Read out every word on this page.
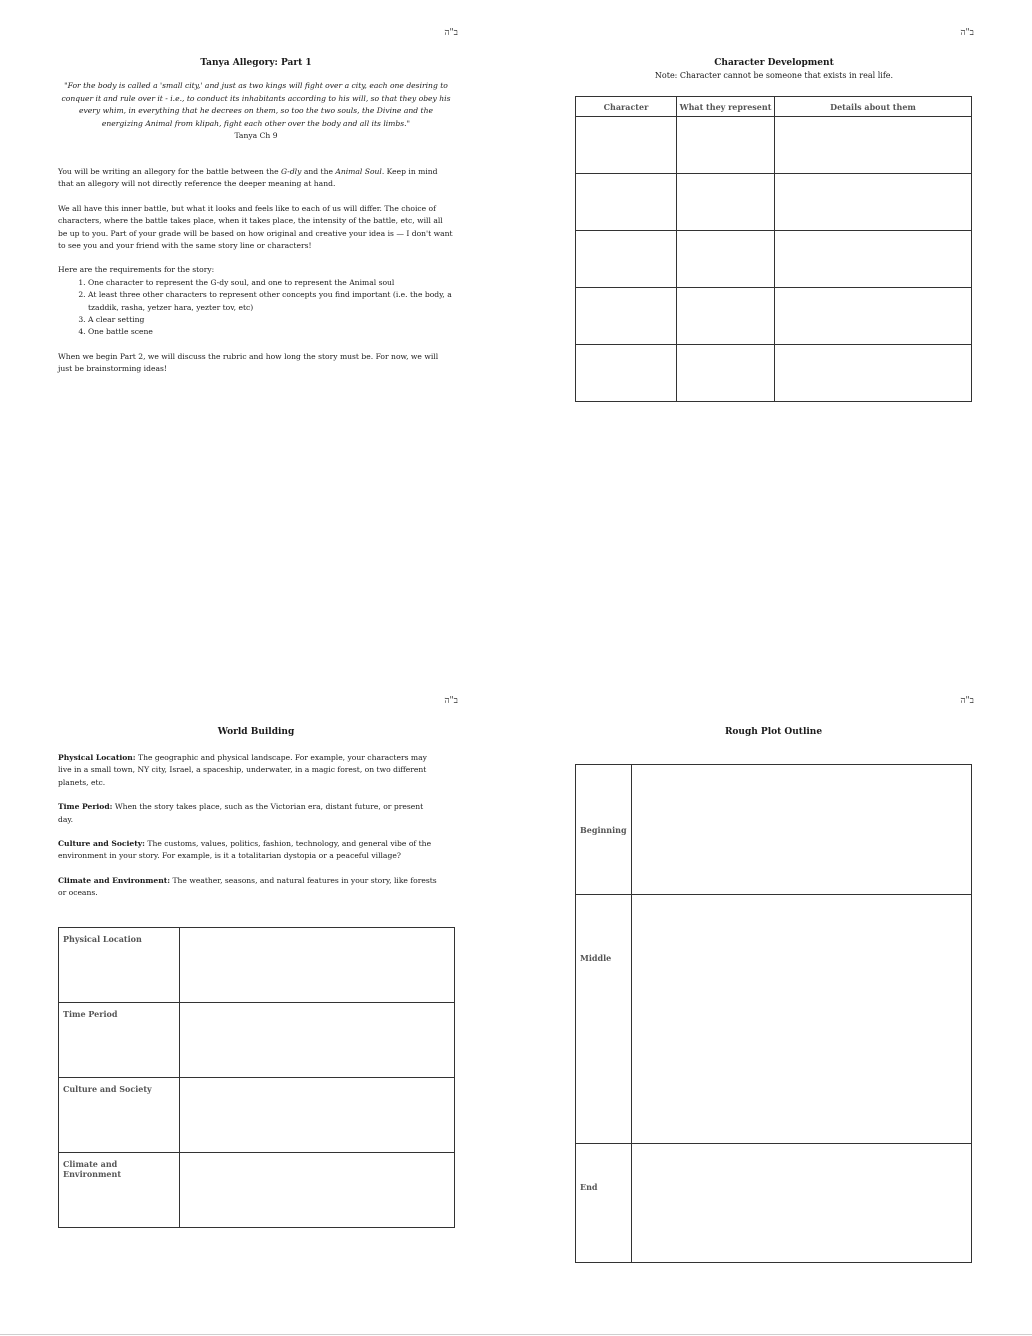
ב"ה
Tanya Allegory: Part 1
"For the body is called a 'small city,' and just as two kings will fight over a city, each one desiring to conquer it and rule over it - i.e., to conduct its inhabitants according to his will, so that they obey his every whim, in everything that he decrees on them, so too the two souls, the Divine and the energizing Animal from klipah, fight each other over the body and all its limbs."
Tanya Ch 9

You will be writing an allegory for the battle between the G-dly and the Animal Soul. Keep in mind that an allegory will not directly reference the deeper meaning at hand.

We all have this inner battle, but what it looks and feels like to each of us will differ. The choice of characters, where the battle takes place, when it takes place, the intensity of the battle, etc, will all be up to you. Part of your grade will be based on how original and creative your idea is — I don't want to see you and your friend with the same story line or characters!

Here are the requirements for the story:
1. One character to represent the G-dy soul, and one to represent the Animal soul
2. At least three other characters to represent other concepts you find important (i.e. the body, a tzaddik, rasha, yetzer hara, yezter tov, etc)
3. A clear setting
4. One battle scene

When we begin Part 2, we will discuss the rubric and how long the story must be. For now, we will just be brainstorming ideas!

ב"ה
Character Development
Note: Character cannot be someone that exists in real life.
Character	What they represent	Details about them

ב"ה
World Building

Physical Location: The geographic and physical landscape. For example, your characters may live in a small town, NY city, Israel, a spaceship, underwater, in a magic forest, on two different planets, etc.

Time Period: When the story takes place, such as the Victorian era, distant future, or present day.

Culture and Society: The customs, values, politics, fashion, technology, and general vibe of the environment in your story. For example, is it a totalitarian dystopia or a peaceful village?

Climate and Environment: The weather, seasons, and natural features in your story, like forests or oceans.

Physical Location	
Time Period	
Culture and Society	
Climate and Environment	
ב"ה
Rough Plot Outline
Beginning	
Middle	
End	
